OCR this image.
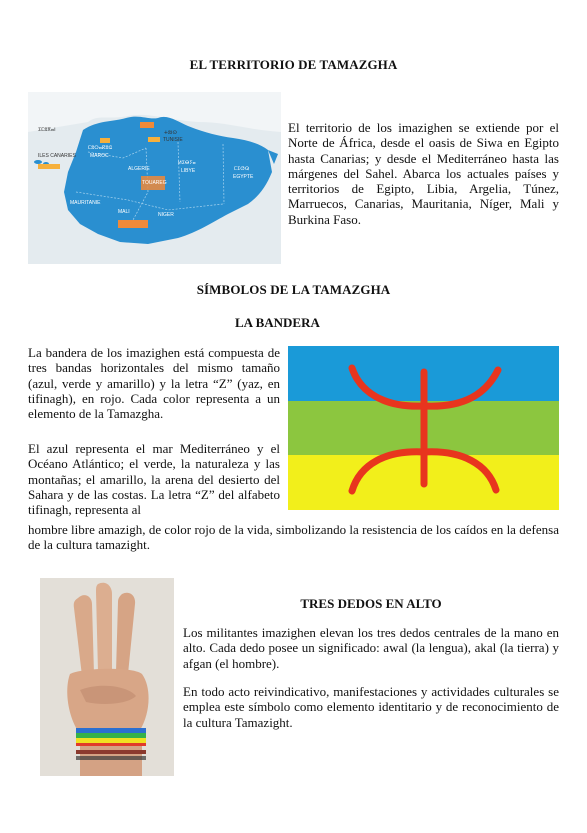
EL TERRITORIO DE TAMAZGHA
ⵉⵎⵓⴳⴰⵏ
ILES CANARIES
ⵎⵓⵔⴰⴽⵓⵛ
MAROC
ⵜⵓⵏⵙ
TUNISIE
ALGERIE
ⵍⵉⴱⵢⴰ
LIBYE	ⵎⵉⵚⵕ
EGYPTE
MAURITANIE
TOUAREG
MALI	NIGER

El territorio de los imazighen se extiende por el Norte de África, desde el oasis de Siwa en Egipto hasta Canarias; y desde el Mediterráneo hasta las márgenes del Sahel. Abarca los actuales países y territorios de Egipto, Libia, Argelia, Túnez, Marruecos, Canarias, Mauritania, Níger, Mali y Burkina Faso.

SÍMBOLOS DE LA TAMAZGHA
LA BANDERA

La bandera de los imazighen está compuesta de tres bandas horizontales del mismo tamaño (azul, verde y amarillo) y la letra “Z” (yaz, en tifinagh), en rojo. Cada color representa a un elemento de la Tamazgha.

El azul representa el mar Mediterráneo y el Océano Atlántico; el verde, la naturaleza y las montañas; el amarillo, la arena del desierto del Sahara y de las costas. La letra “Z” del alfabeto tifinagh, representa al

hombre libre amazigh, de color rojo de la vida, simbolizando la resistencia de los caídos en la defensa de la cultura tamazight.

TRES DEDOS EN ALTO

Los militantes imazighen elevan los tres dedos centrales de la mano en alto. Cada dedo posee un significado: awal (la lengua), akal (la tierra) y afgan (el hombre).

En todo acto reivindicativo, manifestaciones y actividades culturales se emplea este símbolo como elemento identitario y de reconocimiento de la cultura Tamazight.
